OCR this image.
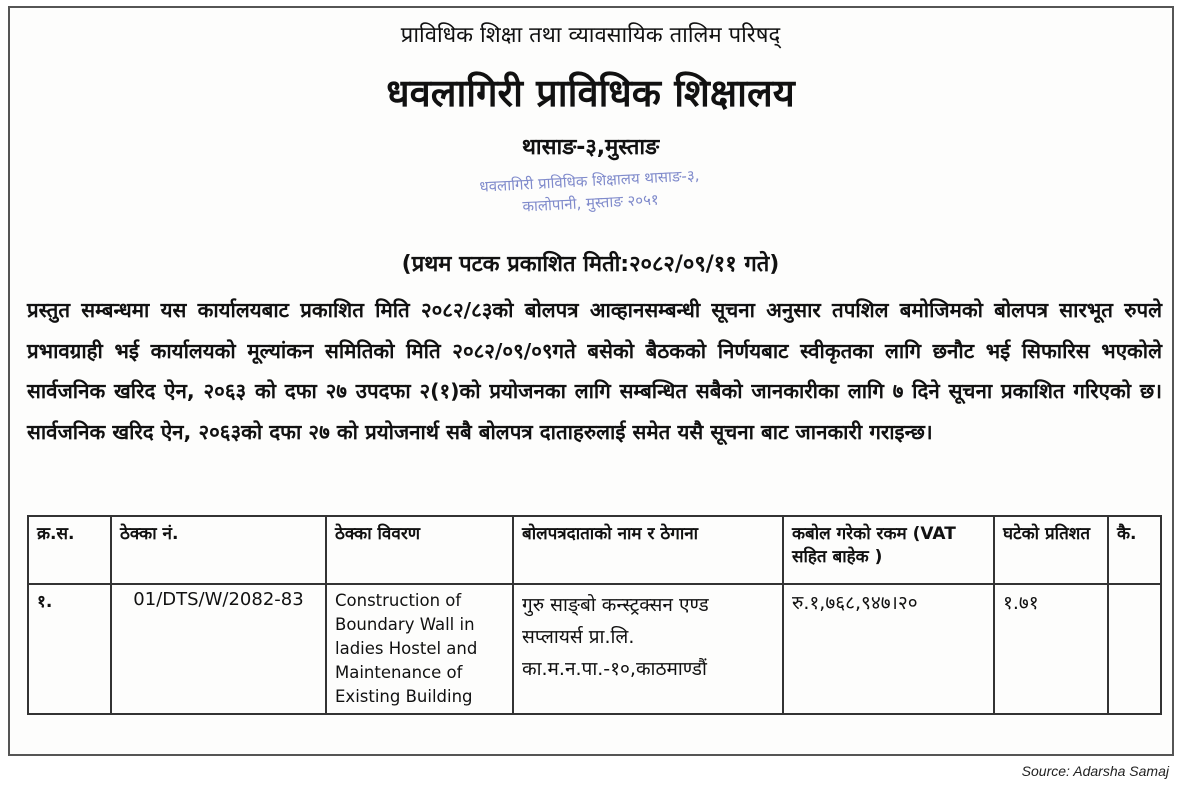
प्राविधिक शिक्षा तथा व्यावसायिक तालिम परिषद्
धवलागिरी प्राविधिक शिक्षालय
थासाङ-३,मुस्ताङ
धवलागिरी प्राविधिक शिक्षालय थासाङ-३, कालोपानी, मुस्ताङ २०५१
(प्रथम पटक प्रकाशित मिती:२०८२/०९/११ गते)
प्रस्तुत सम्बन्धमा यस कार्यालयबाट प्रकाशित मिति २०८२/८३को बोलपत्र आव्हानसम्बन्धी सूचना अनुसार तपशिल बमोजिमको बोलपत्र सारभूत रुपले प्रभावग्राही भई कार्यालयको मूल्यांकन समितिको मिति २०८२/०९/०९गते बसेको बैठकको निर्णयबाट स्वीकृतका लागि छनौट भई सिफारिस भएकोले सार्वजनिक खरिद ऐन, २०६३ को दफा २७ उपदफा २(१)को प्रयोजनका लागि सम्बन्धित सबैको जानकारीका लागि ७ दिने सूचना प्रकाशित गरिएको छ।सार्वजनिक खरिद ऐन, २०६३को दफा २७ को प्रयोजनार्थ सबै बोलपत्र दाताहरुलाई समेत यसै सूचना बाट जानकारी गराइन्छ।
क्र.स.	ठेक्का नं.	ठेक्का विवरण	बोलपत्रदाताको नाम र ठेगाना	कबोल गरेको रकम (VAT सहित बाहेक )	घटेको प्रतिशत	कै.
१.	01/DTS/W/2082-83	Construction of Boundary Wall in ladies Hostel and Maintenance of Existing Building	गुरु साङ्बो कन्स्ट्रक्सन एण्ड सप्लायर्स प्रा.लि. का.म.न.पा.-१०,काठमाण्डौं	रु.१,७६८,९४७।२०	१.७१	
Source: Adarsha Samaj
